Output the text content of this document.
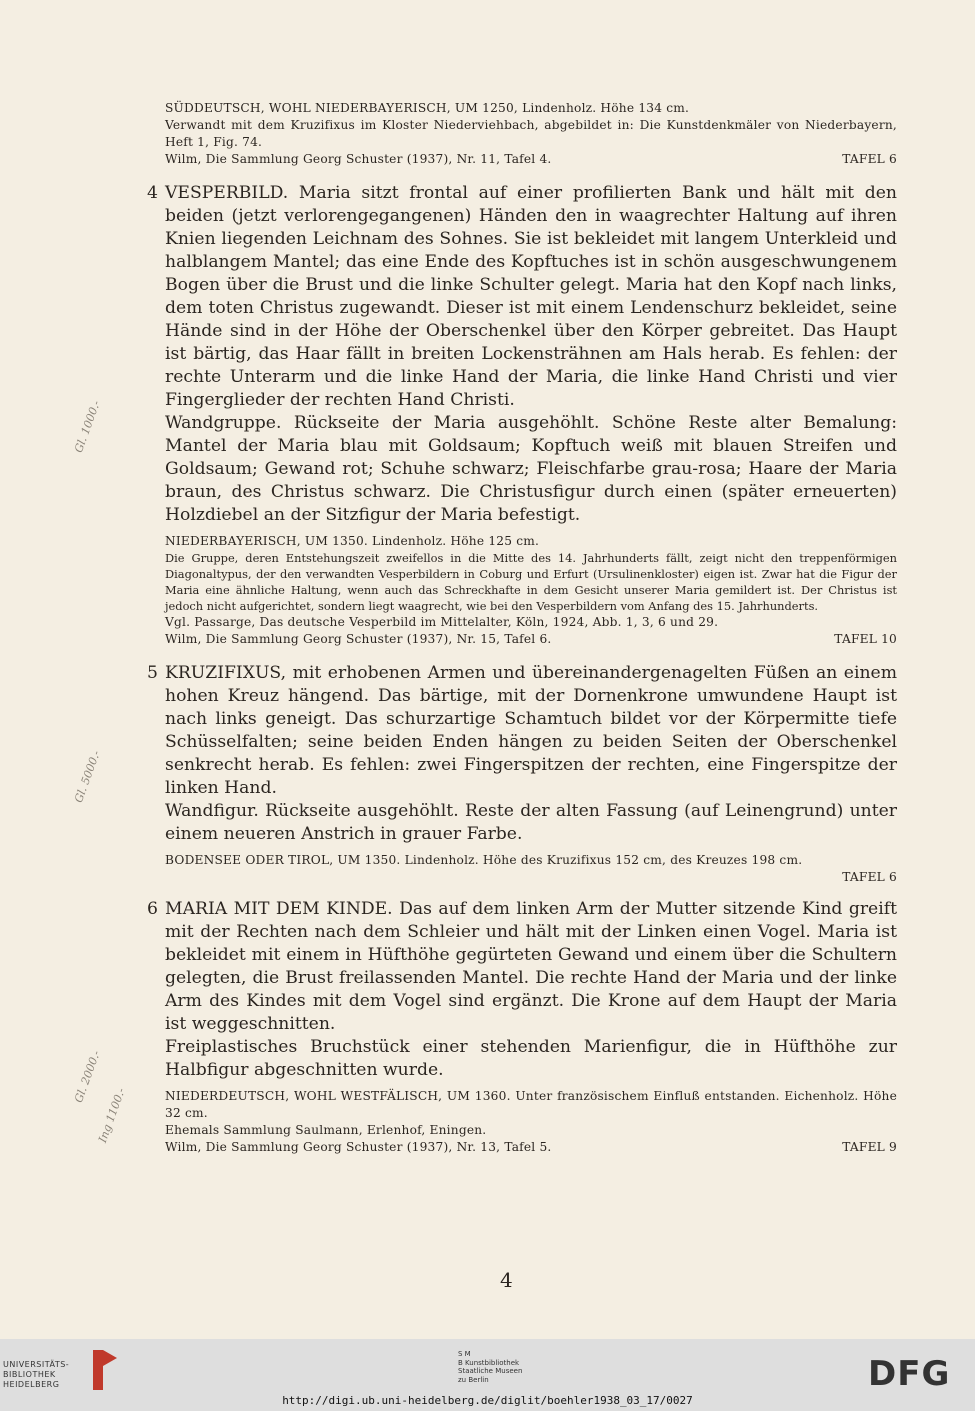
SÜDDEUTSCH, WOHL NIEDERBAYERISCH, UM 1250, Lindenholz. Höhe 134 cm.
Verwandt mit dem Kruzifixus im Kloster Niederviehbach, abgebildet in: Die Kunstdenkmäler von Niederbayern, Heft 1, Fig. 74.
Wilm, Die Sammlung Georg Schuster (1937), Nr. 11, Tafel 4.	TAFEL 6
4 VESPERBILD. Maria sitzt frontal auf einer profilierten Bank und hält mit den beiden (jetzt verlorengegangenen) Händen den in waagrechter Haltung auf ihren Knien liegenden Leichnam des Sohnes. Sie ist bekleidet mit langem Unterkleid und halblangem Mantel; das eine Ende des Kopftuches ist in schön ausgeschwungenem Bogen über die Brust und die linke Schulter gelegt. Maria hat den Kopf nach links, dem toten Christus zugewandt. Dieser ist mit einem Lendenschurz bekleidet, seine Hände sind in der Höhe der Oberschenkel über den Körper gebreitet. Das Haupt ist bärtig, das Haar fällt in breiten Lockensträhnen am Hals herab. Es fehlen: der rechte Unterarm und die linke Hand der Maria, die linke Hand Christi und vier Fingerglieder der rechten Hand Christi.
Wandgruppe. Rückseite der Maria ausgehöhlt. Schöne Reste alter Bemalung: Mantel der Maria blau mit Goldsaum; Kopftuch weiß mit blauen Streifen und Goldsaum; Gewand rot; Schuhe schwarz; Fleischfarbe grau-rosa; Haare der Maria braun, des Christus schwarz. Die Christusfigur durch einen (später erneuerten) Holzdiebel an der Sitzfigur der Maria befestigt.
NIEDERBAYERISCH, UM 1350. Lindenholz. Höhe 125 cm.
Die Gruppe, deren Entstehungszeit zweifellos in die Mitte des 14. Jahrhunderts fällt, zeigt nicht den treppenförmigen Diagonaltypus, der den verwandten Vesperbildern in Coburg und Erfurt (Ursulinenkloster) eigen ist. Zwar hat die Figur der Maria eine ähnliche Haltung, wenn auch das Schreckhafte in dem Gesicht unserer Maria gemildert ist. Der Christus ist jedoch nicht aufgerichtet, sondern liegt waagrecht, wie bei den Vesperbildern vom Anfang des 15. Jahrhunderts.
Vgl. Passarge, Das deutsche Vesperbild im Mittelalter, Köln, 1924, Abb. 1, 3, 6 und 29.
Wilm, Die Sammlung Georg Schuster (1937), Nr. 15, Tafel 6.	TAFEL 10
5 KRUZIFIXUS, mit erhobenen Armen und übereinandergenagelten Füßen an einem hohen Kreuz hängend. Das bärtige, mit der Dornenkrone umwundene Haupt ist nach links geneigt. Das schurzartige Schamtuch bildet vor der Körpermitte tiefe Schüsselfalten; seine beiden Enden hängen zu beiden Seiten der Oberschenkel senkrecht herab. Es fehlen: zwei Fingerspitzen der rechten, eine Fingerspitze der linken Hand.
Wandfigur. Rückseite ausgehöhlt. Reste der alten Fassung (auf Leinengrund) unter einem neueren Anstrich in grauer Farbe.
BODENSEE ODER TIROL, UM 1350. Lindenholz. Höhe des Kruzifixus 152 cm, des Kreuzes 198 cm.
TAFEL 6
6 MARIA MIT DEM KINDE. Das auf dem linken Arm der Mutter sitzende Kind greift mit der Rechten nach dem Schleier und hält mit der Linken einen Vogel. Maria ist bekleidet mit einem in Hüfthöhe gegürteten Gewand und einem über die Schultern gelegten, die Brust freilassenden Mantel. Die rechte Hand der Maria und der linke Arm des Kindes mit dem Vogel sind ergänzt. Die Krone auf dem Haupt der Maria ist weggeschnitten.
Freiplastisches Bruchstück einer stehenden Marienfigur, die in Hüfthöhe zur Halbfigur abgeschnitten wurde.
NIEDERDEUTSCH, WOHL WESTFÄLISCH, UM 1360. Unter französischem Einfluß entstanden. Eichenholz. Höhe 32 cm.
Ehemals Sammlung Saulmann, Erlenhof, Eningen.
Wilm, Die Sammlung Georg Schuster (1937), Nr. 13, Tafel 5.	TAFEL 9
Gl. 1000.-
Gl. 5000.-
Gl. 2000.-
Ing 1100.-
4
UNIVERSITÄTS-
BIBLIOTHEK
HEIDELBERG
S M
B Kunstbibliothek
Staatliche Museen
zu Berlin	DFG
http://digi.ub.uni-heidelberg.de/diglit/boehler1938_03_17/0027
